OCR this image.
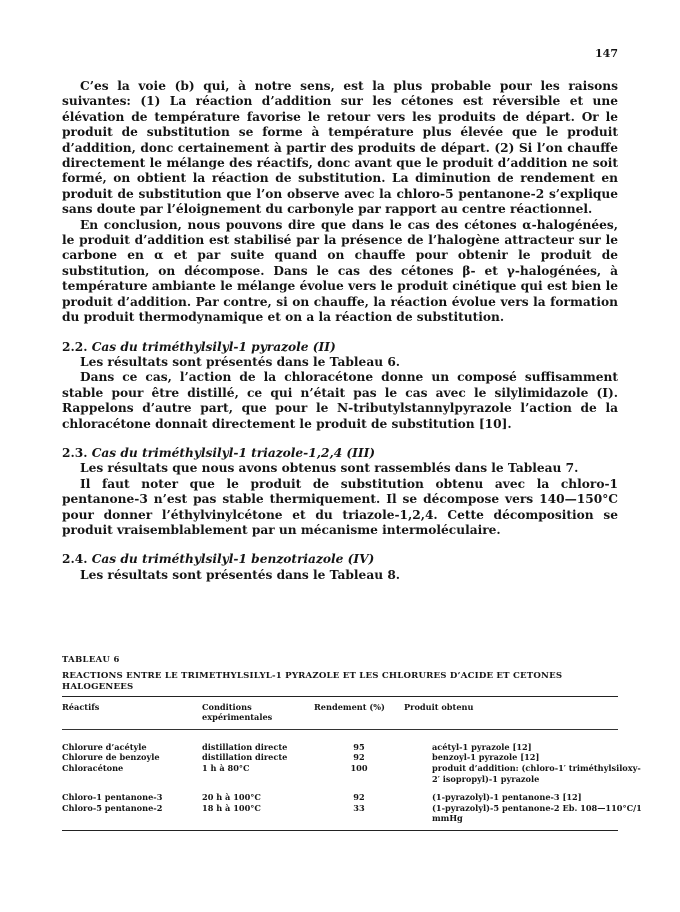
147

C’es la voie (b) qui, à notre sens, est la plus probable pour les raisons suivantes: (1) La réaction d’addition sur les cétones est réversible et une élévation de température favorise le retour vers les produits de départ. Or le produit de substitution se forme à température plus élevée que le produit d’addition, donc certainement à partir des produits de départ. (2) Si l’on chauffe directement le mélange des réactifs, donc avant que le produit d’addition ne soit formé, on obtient la réaction de substitution. La diminution de rendement en produit de substitution que l’on observe avec la chloro-5 pentanone-2 s’explique sans doute par l’éloignement du carbonyle par rapport au centre réactionnel.

En conclusion, nous pouvons dire que dans le cas des cétones α-halogénées, le produit d’addition est stabilisé par la présence de l’halogène attracteur sur le carbone en α et par suite quand on chauffe pour obtenir le produit de substitution, on décompose. Dans le cas des cétones β- et γ-halogénées, à température ambiante le mélange évolue vers le produit cinétique qui est bien le produit d’addition. Par contre, si on chauffe, la réaction évolue vers la formation du produit thermodynamique et on a la réaction de substitution.

2.2. Cas du triméthylsilyl-1 pyrazole (II)

Les résultats sont présentés dans le Tableau 6.

Dans ce cas, l’action de la chloracétone donne un composé suffisamment stable pour être distillé, ce qui n’était pas le cas avec le silylimidazole (I). Rappelons d’autre part, que pour le N-tributylstannylpyrazole l’action de la chloracétone donnait directement le produit de substitution [10].

2.3. Cas du triméthylsilyl-1 triazole-1,2,4 (III)

Les résultats que nous avons obtenus sont rassemblés dans le Tableau 7.

Il faut noter que le produit de substitution obtenu avec la chloro-1 pentanone-3 n’est pas stable thermiquement. Il se décompose vers 140—150°C pour donner l’éthylvinylcétone et du triazole-1,2,4. Cette décomposition se produit vraisemblablement par un mécanisme intermoléculaire.

2.4. Cas du triméthylsilyl-1 benzotriazole (IV)

Les résultats sont présentés dans le Tableau 8.

TABLEAU 6
REACTIONS ENTRE LE TRIMETHYLSILYL-1 PYRAZOLE ET LES CHLORURES D’ACIDE ET CETONES HALOGENEES
Réactifs	Conditions expérimentales	Rendement (%)	Produit obtenu
Chlorure d’acétyle	distillation directe	95	acétyl-1 pyrazole [12]
Chlorure de benzoyle	distillation directe	92	benzoyl-1 pyrazole [12]
Chloracétone	1 h à 80°C	100	produit d’addition: (chloro-1′ triméthylsiloxy-2′ isopropyl)-1 pyrazole
Chloro-1 pentanone-3	20 h à 100°C	92	(1-pyrazolyl)-1 pentanone-3 [12]
Chloro-5 pentanone-2	18 h à 100°C	33	(1-pyrazolyl)-5 pentanone-2 Eb. 108—110°C/1 mmHg
